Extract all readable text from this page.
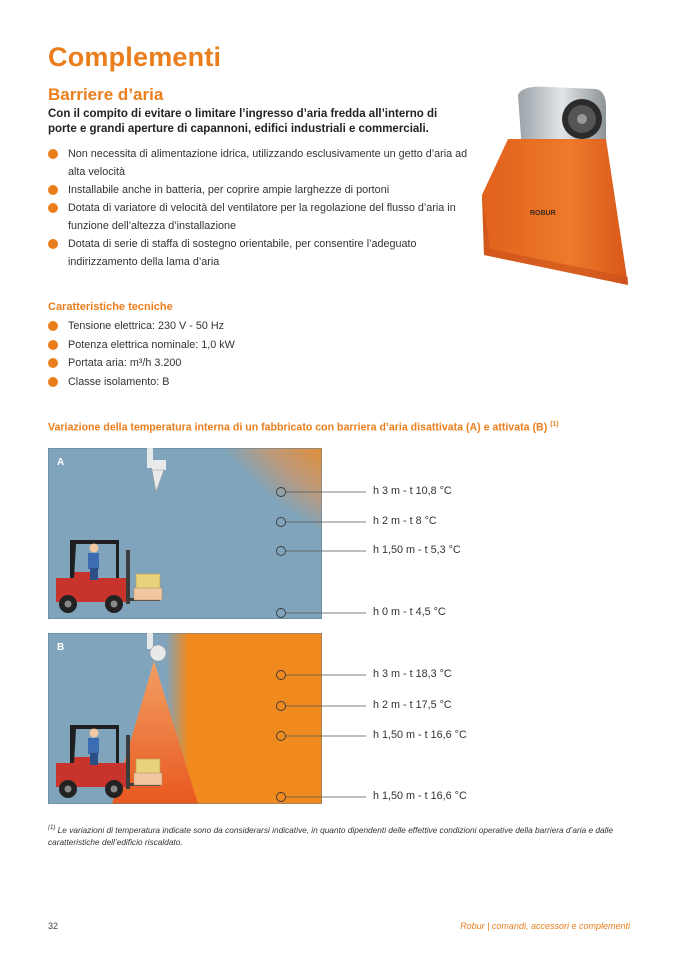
Complementi
Barriere d’aria

Con il compito di evitare o limitare l’ingresso d’aria fredda all’interno di porte e grandi aperture di capannoni, edifici industriali e commerciali.

Non necessita di alimentazione idrica, utilizzando esclusivamente un getto d’aria ad alta velocità
Installabile anche in batteria, per coprire ampie larghezze di portoni
Dotata di variatore di velocità del ventilatore per la regolazione del flusso d’aria in funzione dell’altezza d’installazione
Dotata di serie di staffa di sostegno orientabile, per consentire l’adeguato indirizzamento della lama d’aria
ROBUR
Caratteristiche tecniche
Tensione elettrica: 230 V - 50 Hz
Potenza elettrica nominale: 1,0 kW
Portata aria: m³/h 3.200
Classe isolamento: B
Variazione della temperatura interna di un fabbricato con barriera d’aria disattivata (A) e attivata (B) $^{(1)}$
A
B
h 3 m - t 10,8 °C
h 2 m - t 8 °C
h 1,50 m - t 5,3 °C
h 0 m - t 4,5 °C
h 3 m - t 18,3 °C
h 2 m - t 17,5 °C
h 1,50 m - t 16,6 °C
h 1,50 m - t 16,6 °C

$^{(1)}$ Le variazioni di temperatura indicate sono da considerarsi indicative, in quanto dipendenti delle effettive condizioni operative della barriera d’aria e dalle caratteristiche dell’edificio riscaldato.

32	Robur | comandi, accessori e complementi
